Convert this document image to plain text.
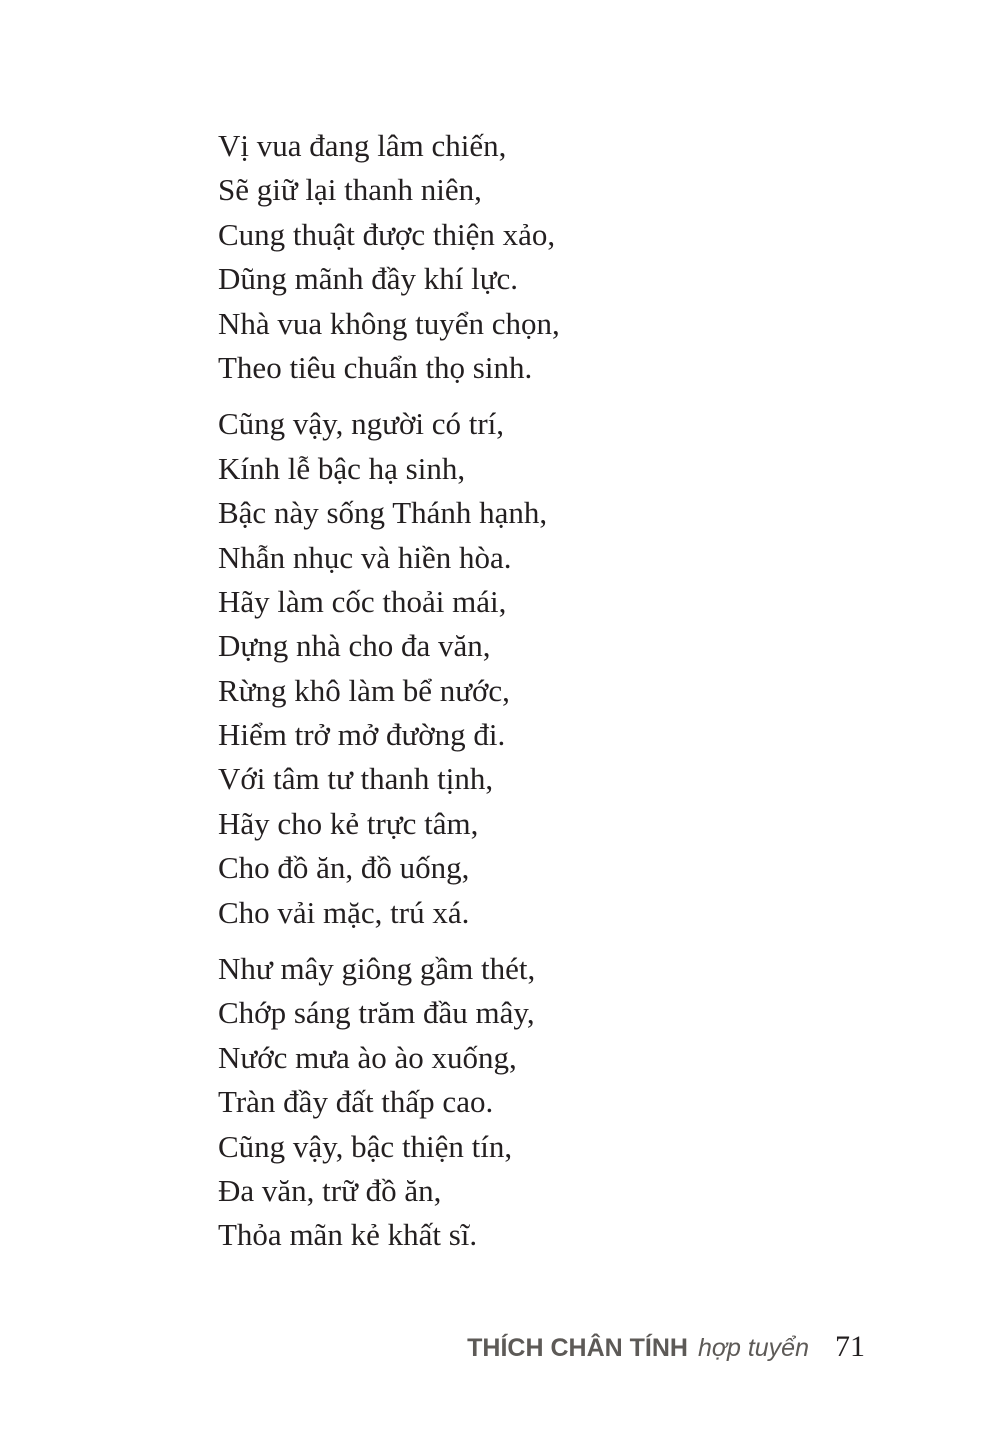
Vị vua đang lâm chiến,
Sẽ giữ lại thanh niên,
Cung thuật được thiện xảo,
Dũng mãnh đầy khí lực.
Nhà vua không tuyển chọn,
Theo tiêu chuẩn thọ sinh.
Cũng vậy, người có trí,
Kính lễ bậc hạ sinh,
Bậc này sống Thánh hạnh,
Nhẫn nhục và hiền hòa.
Hãy làm cốc thoải mái,
Dựng nhà cho đa văn,
Rừng khô làm bể nước,
Hiểm trở mở đường đi.
Với tâm tư thanh tịnh,
Hãy cho kẻ trực tâm,
Cho đồ ăn, đồ uống,
Cho vải mặc, trú xá.
Như mây giông gầm thét,
Chớp sáng trăm đầu mây,
Nước mưa ào ào xuống,
Tràn đầy đất thấp cao.
Cũng vậy, bậc thiện tín,
Đa văn, trữ đồ ăn,
Thỏa mãn kẻ khất sĩ.
THÍCH CHÂN TÍNH hợp tuyển 71
